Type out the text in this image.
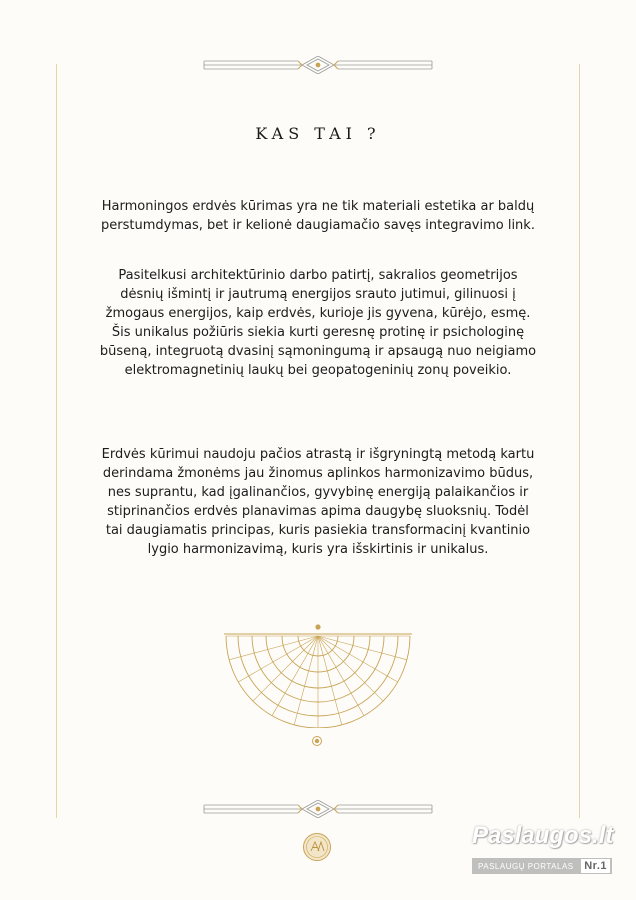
KAS TAI ?
Harmoningos erdvės kūrimas yra ne tik materiali estetika ar baldų perstumdymas, bet ir kelionė daugiamačio savęs integravimo link.
Pasitelkusi architektūrinio darbo patirtį, sakralios geometrijos dėsnių išmintį ir jautrumą energijos srauto jutimui, gilinuosi į žmogaus energijos, kaip erdvės, kurioje jis gyvena, kūrėjo, esmę. Šis unikalus požiūris siekia kurti geresnę protinę ir psichologinę būseną, integruotą dvasinį sąmoningumą ir apsaugą nuo neigiamo elektromagnetinių laukų bei geopatogeninių zonų poveikio.
Erdvės kūrimui naudoju pačios atrastą ir išgryningtą metodą kartu derindama žmonėms jau žinomus aplinkos harmonizavimo būdus, nes suprantu, kad įgalinančios, gyvybinę energiją palaikančios ir stiprinančios erdvės planavimas apima daugybę sluoksnių. Todėl tai daugiamatis principas, kuris pasiekia transformacinį kvantinio lygio harmonizavimą, kuris yra išskirtinis ir unikalus.
Paslaugos.lt
PASLAUGŲ PORTALAS Nr.1
